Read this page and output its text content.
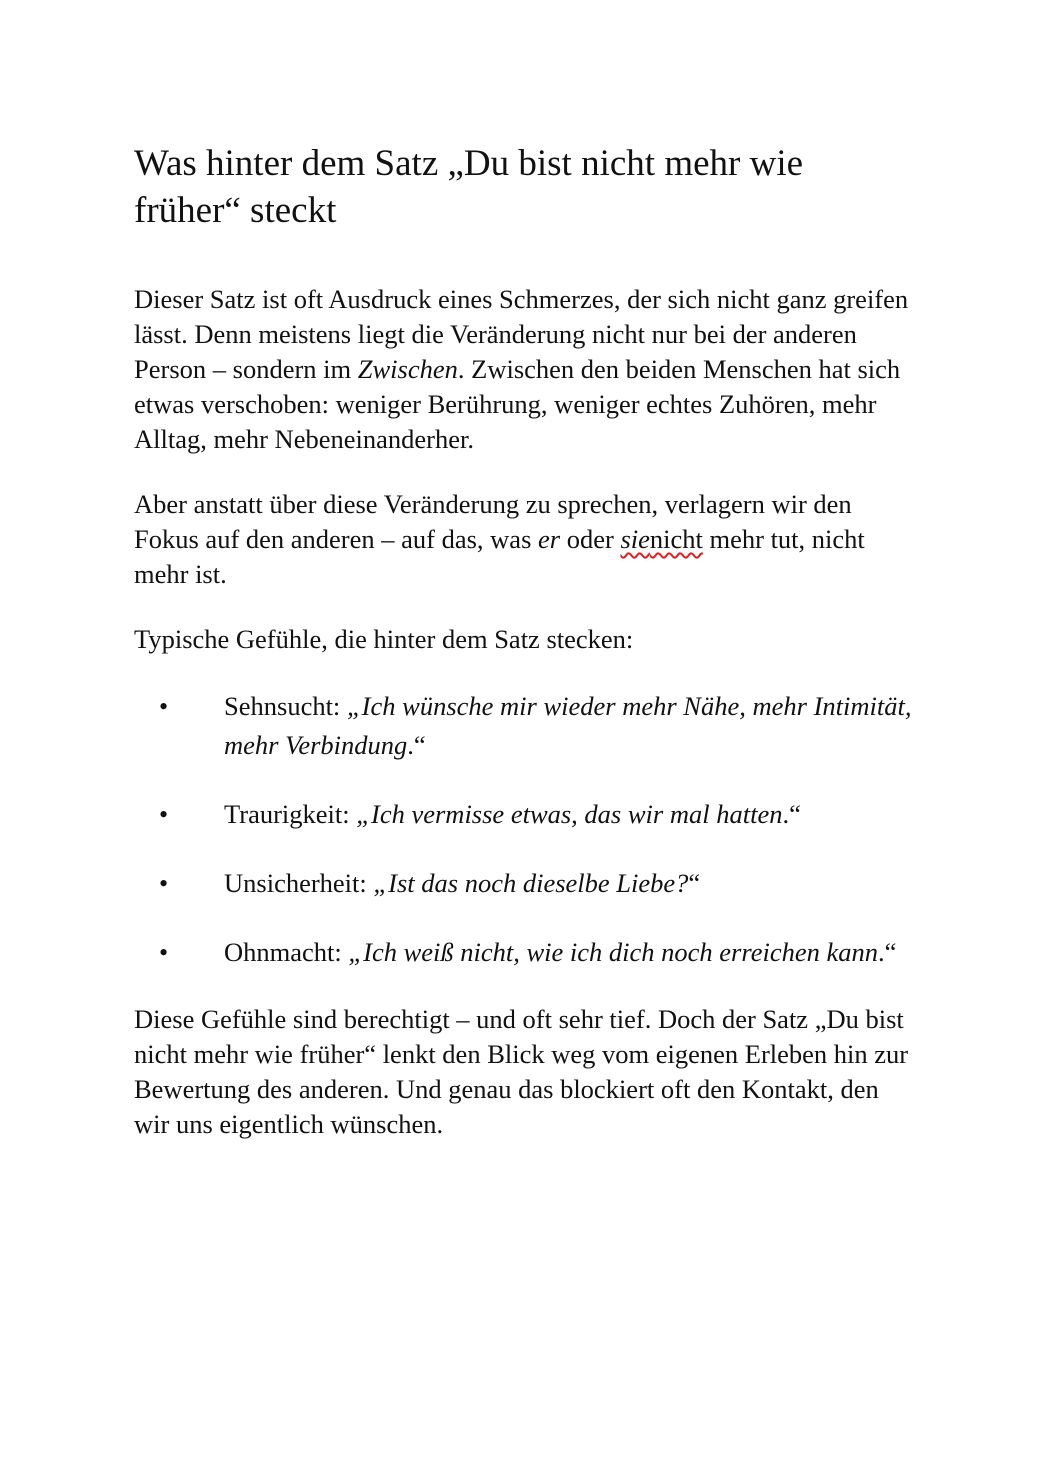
Was hinter dem Satz „Du bist nicht mehr wie früher“ steckt

Dieser Satz ist oft Ausdruck eines Schmerzes, der sich nicht ganz greifen lässt. Denn meistens liegt die Veränderung nicht nur bei der anderen Person – sondern im Zwischen. Zwischen den beiden Menschen hat sich etwas verschoben: weniger Berührung, weniger echtes Zuhören, mehr Alltag, mehr Nebeneinanderher.

Aber anstatt über diese Veränderung zu sprechen, verlagern wir den Fokus auf den anderen – auf das, was er oder sienicht mehr tut, nicht mehr ist.

Typische Gefühle, die hinter dem Satz stecken:

• Sehnsucht: „Ich wünsche mir wieder mehr Nähe, mehr Intimität, mehr Verbindung.“
• Traurigkeit: „Ich vermisse etwas, das wir mal hatten.“
• Unsicherheit: „Ist das noch dieselbe Liebe?“
• Ohnmacht: „Ich weiß nicht, wie ich dich noch erreichen kann.“

Diese Gefühle sind berechtigt – und oft sehr tief. Doch der Satz „Du bist nicht mehr wie früher“ lenkt den Blick weg vom eigenen Erleben hin zur Bewertung des anderen. Und genau das blockiert oft den Kontakt, den wir uns eigentlich wünschen.
